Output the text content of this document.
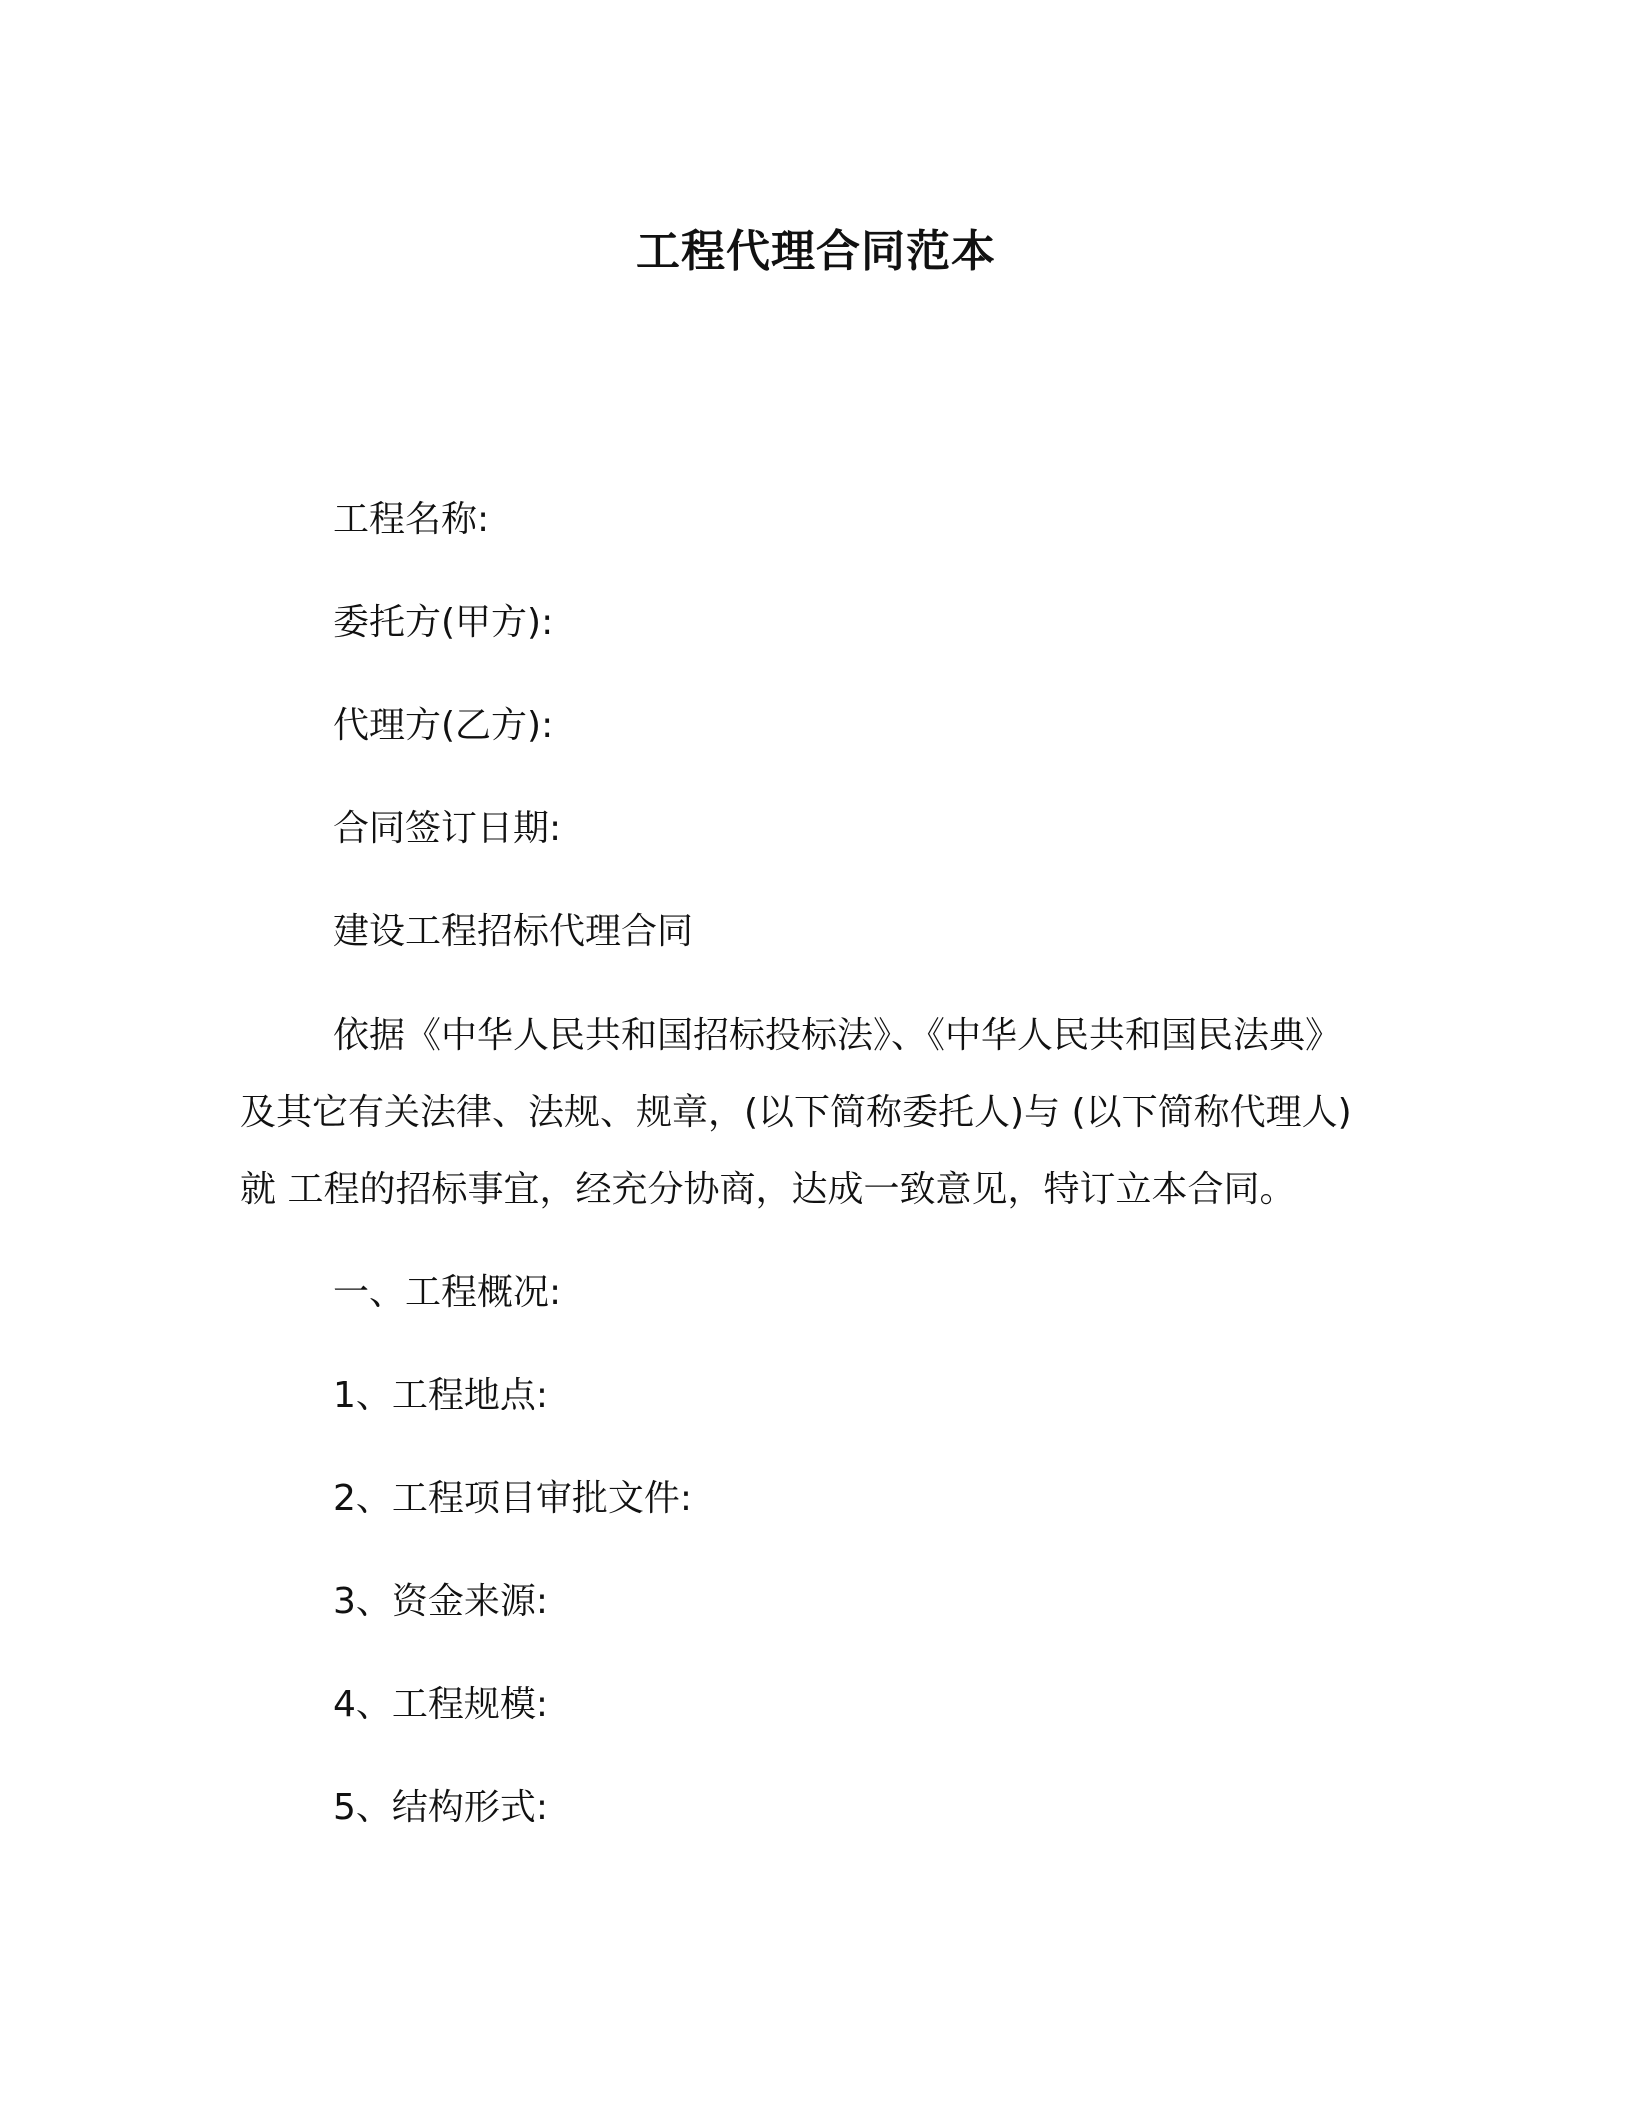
工程代理合同范本
工程名称:
委托方(甲方):
代理方(乙方):
合同签订日期:
建设工程招标代理合同
依据《中华人民共和国招标投标法》、《中华人民共和国民法典》
及其它有关法律、法规、规章，(以下简称委托人)与 (以下简称代理人)
就 工程的招标事宜，经充分协商，达成一致意见，特订立本合同。
一、工程概况:
1、工程地点:
2、工程项目审批文件:
3、资金来源:
4、工程规模:
5、结构形式:
